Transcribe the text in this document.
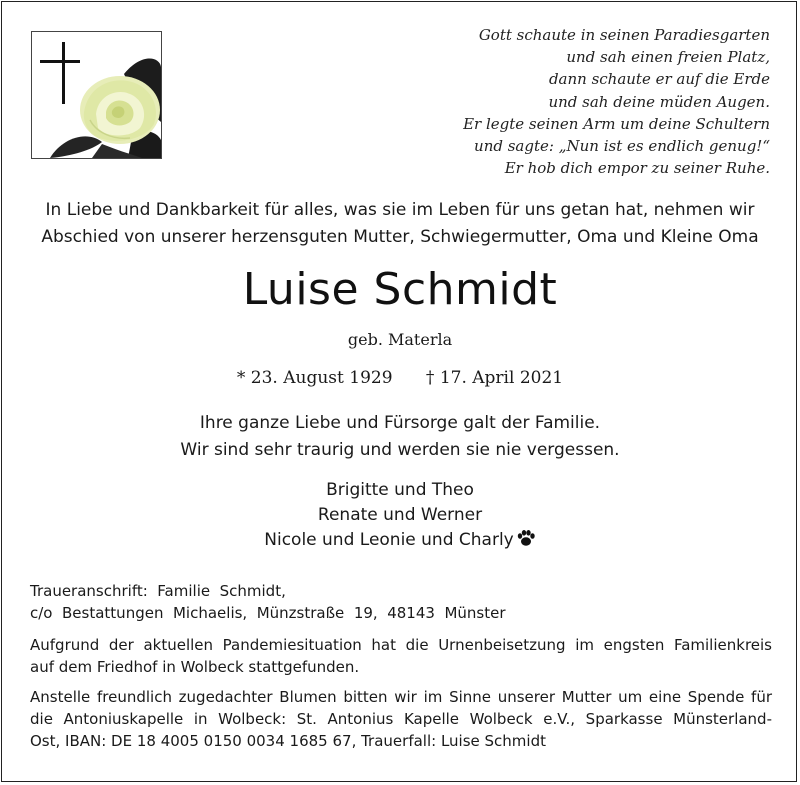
Gott schaute in seinen Paradiesgarten
und sah einen freien Platz,
dann schaute er auf die Erde
und sah deine müden Augen.
Er legte seinen Arm um deine Schultern
und sagte: „Nun ist es endlich genug!“
Er hob dich empor zu seiner Ruhe.
In Liebe und Dankbarkeit für alles, was sie im Leben für uns getan hat, nehmen wir
Abschied von unserer herzensguten Mutter, Schwiegermutter, Oma und Kleine Oma
Luise Schmidt
geb. Materla
* 23. August 1929 † 17. April 2021
Ihre ganze Liebe und Fürsorge galt der Familie.
Wir sind sehr traurig und werden sie nie vergessen.
Brigitte und Theo
Renate und Werner
Nicole und Leonie und Charly
Traueranschrift:  Familie  Schmidt,
c/o  Bestattungen  Michaelis,  Münzstraße  19,  48143  Münster
Aufgrund der aktuellen Pandemiesituation hat die Urnenbeisetzung im engsten Familienkreis
auf dem Friedhof in Wolbeck stattgefunden.
Anstelle freundlich zugedachter Blumen bitten wir im Sinne unserer Mutter um eine Spende für
die Antoniuskapelle in Wolbeck: St. Antonius Kapelle Wolbeck e.V., Sparkasse Münsterland-
Ost, IBAN: DE 18 4005 0150 0034 1685 67, Trauerfall: Luise Schmidt
